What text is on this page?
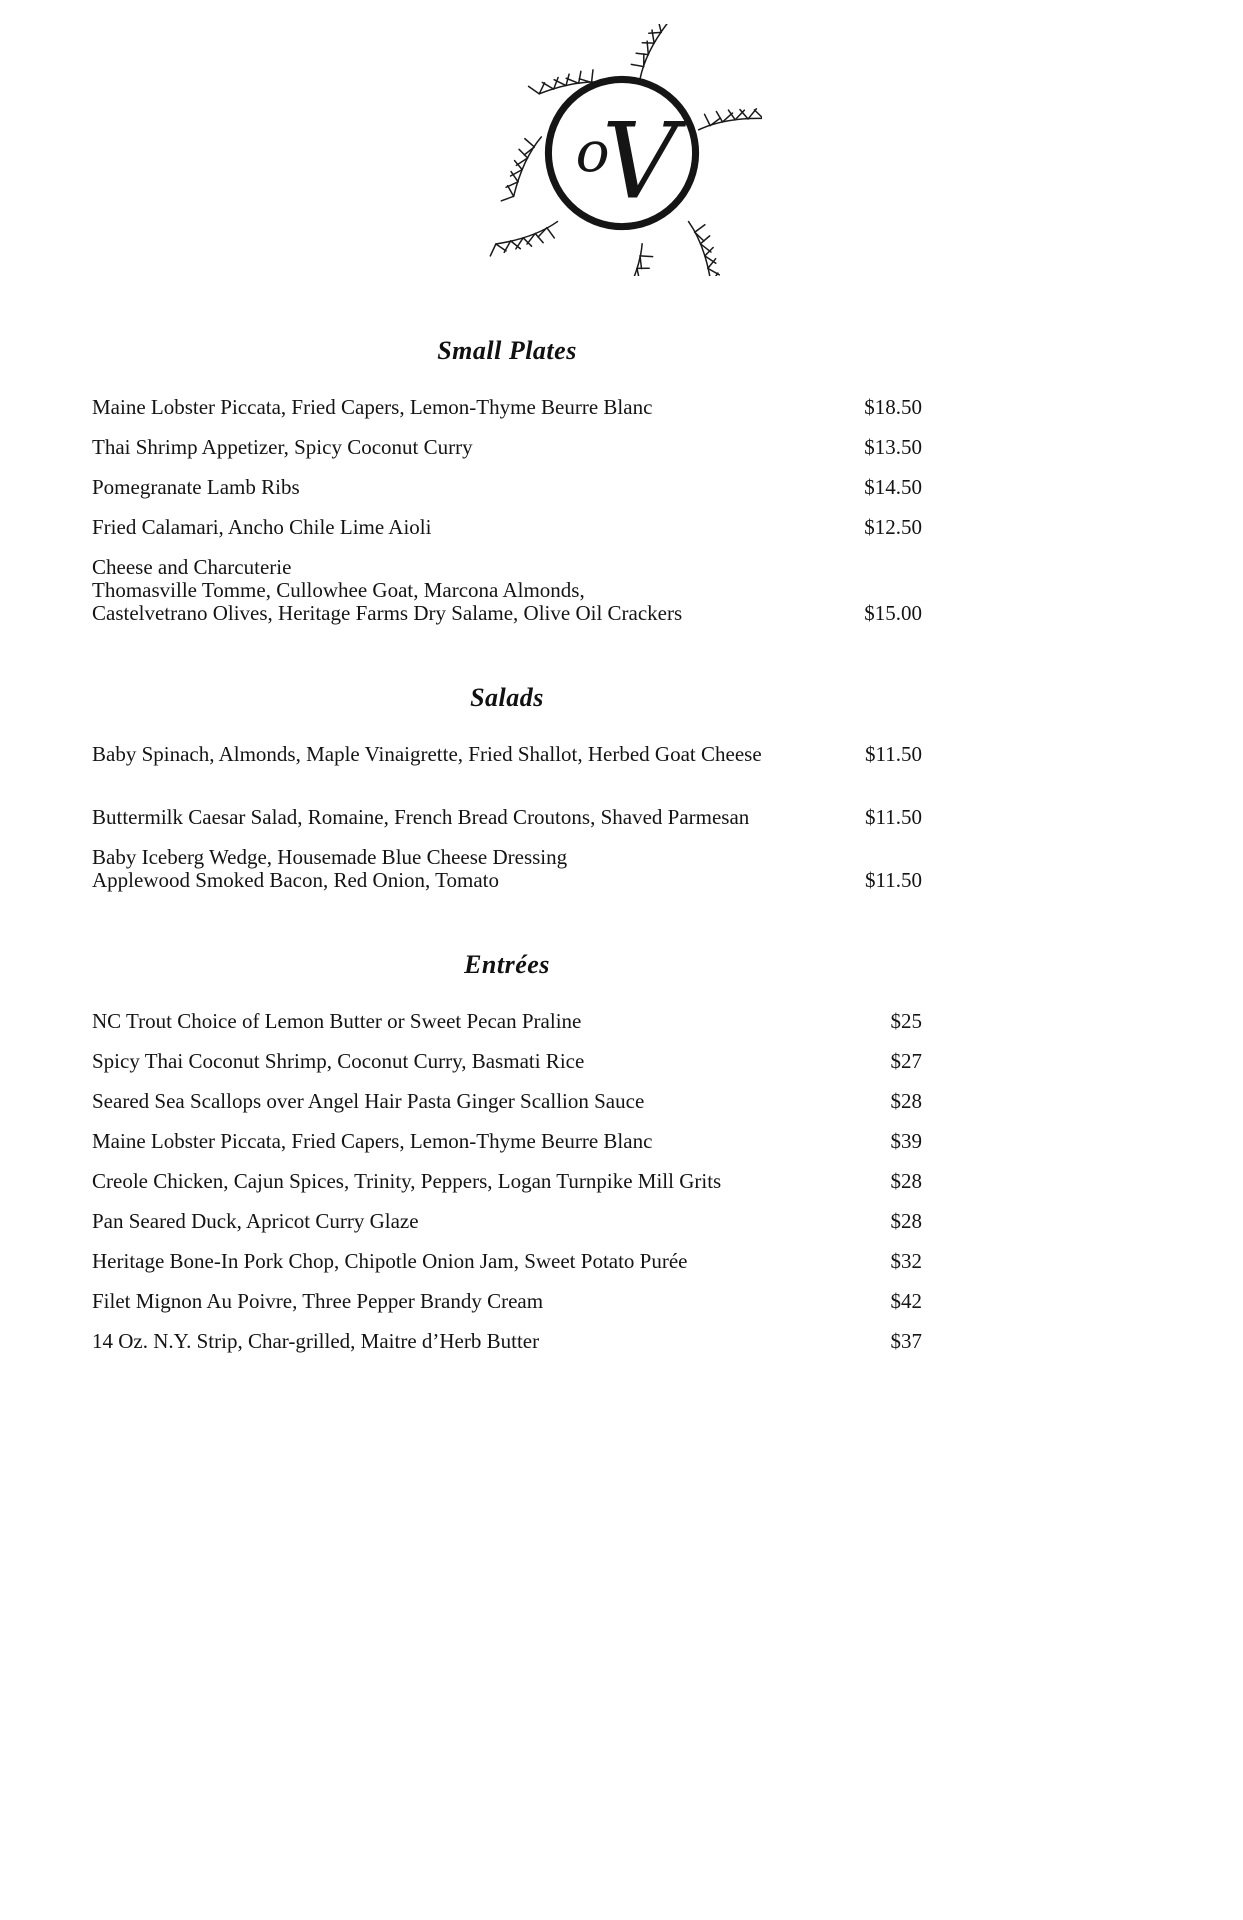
o
V
Small Plates
Maine Lobster Piccata, Fried Capers, Lemon-Thyme Beurre Blanc	$18.50
Thai Shrimp Appetizer, Spicy Coconut Curry	$13.50
Pomegranate Lamb Ribs	$14.50
Fried Calamari, Ancho Chile Lime Aioli	$12.50
Cheese and Charcuterie
Thomasville Tomme, Cullowhee Goat, Marcona Almonds,
Castelvetrano Olives, Heritage Farms Dry Salame, Olive Oil Crackers	$15.00
Salads
Baby Spinach, Almonds, Maple Vinaigrette, Fried Shallot, Herbed Goat Cheese	$11.50
Buttermilk Caesar Salad, Romaine, French Bread Croutons, Shaved Parmesan	$11.50
Baby Iceberg Wedge, Housemade Blue Cheese Dressing
Applewood Smoked Bacon, Red Onion, Tomato	$11.50
Entrées
NC Trout Choice of Lemon Butter or Sweet Pecan Praline	$25
Spicy Thai Coconut Shrimp, Coconut Curry, Basmati Rice	$27
Seared Sea Scallops over Angel Hair Pasta Ginger Scallion Sauce	$28
Maine Lobster Piccata, Fried Capers, Lemon-Thyme Beurre Blanc	$39
Creole Chicken, Cajun Spices, Trinity, Peppers, Logan Turnpike Mill Grits	$28
Pan Seared Duck, Apricot Curry Glaze	$28
Heritage Bone-In Pork Chop, Chipotle Onion Jam, Sweet Potato Purée	$32
Filet Mignon Au Poivre, Three Pepper Brandy Cream	$42
14 Oz. N.Y. Strip, Char-grilled, Maitre d’Herb Butter	$37
